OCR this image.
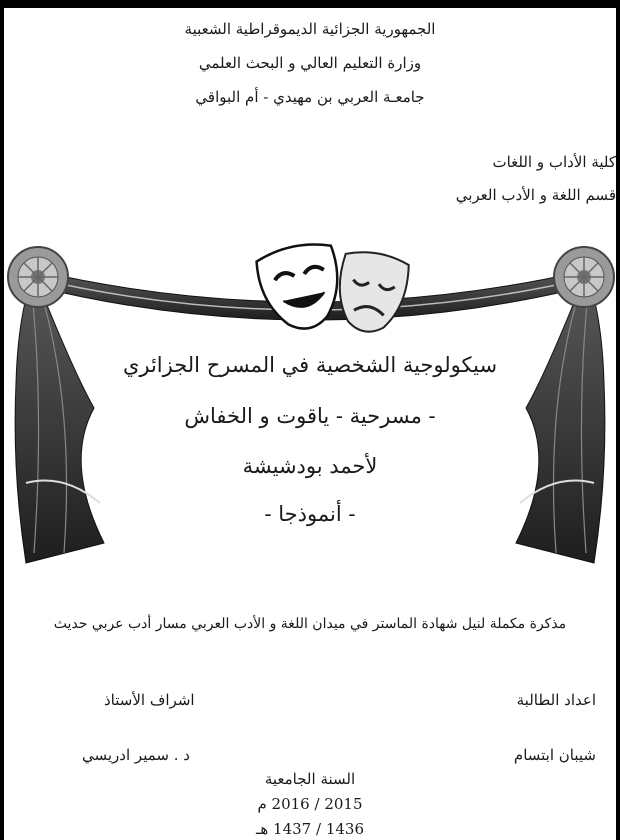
الجمهورية الجزائية الديموقراطية الشعبية
وزارة التعليم العالي و البحث العلمي
جامعـة العربي بن مهيدي - أم البواقي
كلية الأداب و اللغات
قسم اللغة و الأدب العربي
سيكولوجية الشخصية في المسرح الجزائري
- مسرحية - ياقوت و الخفاش
لأحمد بودشيشة
- أنموذجا -
مذكرة مكملة لنيل شهادة الماستر في ميدان اللغة و الأدب العربي مسار أدب عربي حديث
اعداد الطالبة
اشراف الأستاذ
شيبان ابتسام
د . سمير ادريسي
السنة الجامعية
2015 / 2016 م
1436 / 1437 هـ
